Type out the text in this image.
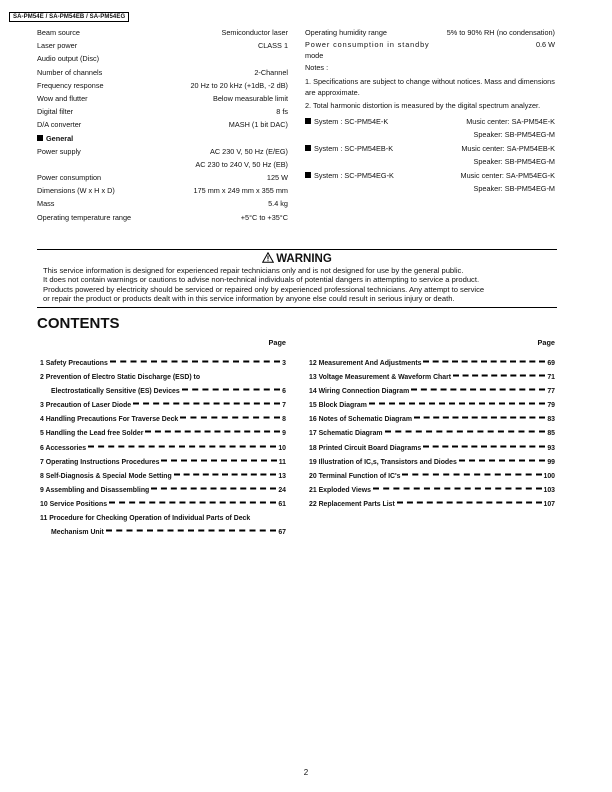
SA-PM54E / SA-PM54EB / SA-PM54EG
Beam source	Semiconductor laser
Laser power	CLASS 1
Audio output (Disc)
Number of channels	2-Channel
Frequency response	20 Hz to 20 kHz (+1dB, -2 dB)
Wow and flutter	Below measurable limit
Digital filter	8 fs
D/A converter	MASH (1 bit DAC)
General
Power supply	AC 230 V, 50 Hz (E/EG)
AC 230 to 240 V, 50 Hz (EB)
Power consumption	125 W
Dimensions (W x H x D)	175 mm x 249 mm x 355 mm
Mass	5.4 kg
Operating temperature range	+5°C to +35°C
Operating humidity range	5% to 90% RH (no condensation)
Power consumption in standby	0.6 W
mode
Notes :
1. Specifications are subject to change without notices. Mass and dimensions are approximate.
2. Total harmonic distortion is measured by the digital spectrum analyzer.
System : SC-PM54E-K	Music center: SA-PM54E-K
Speaker: SB-PM54EG-M
System : SC-PM54EB-K	Music center: SA-PM54EB-K
Speaker: SB-PM54EG-M
System : SC-PM54EG-K	Music center: SA-PM54EG-K
Speaker: SB-PM54EG-M
WARNING
This service information is designed for experienced repair technicians only and is not designed for use by the general public.
It does not contain warnings or cautions to advise non-technical individuals of potential dangers in attempting to service a product.
Products powered by electricity should be serviced or repaired only by experienced professional technicians. Any attempt to service
or repair the product or products dealt with in this service information by anyone else could result in serious injury or death.
CONTENTS
Page
1 Safety Precautions	3
2 Prevention of Electro Static Discharge (ESD) to
Electrostatically Sensitive (ES) Devices	6
3 Precaution of Laser Diode	7
4 Handling Precautions For Traverse Deck	8
5 Handling the Lead free Solder	9
6 Accessories	10
7 Operating Instructions Procedures	11
8 Self-Diagnosis & Special Mode Setting	13
9 Assembling and Disassembling	24
10 Service Positions	61
11 Procedure for Checking Operation of Individual Parts of Deck
Mechanism Unit	67
Page
12 Measurement And Adjustments	69
13 Voltage Measurement & Waveform Chart	71
14 Wiring Connection Diagram	77
15 Block Diagram	79
16 Notes of Schematic Diagram	83
17 Schematic Diagram	85
18 Printed Circuit Board Diagrams	93
19 Illustration of IC,s, Transistors and Diodes	99
20 Terminal Function of IC's	100
21 Exploded Views	103
22 Replacement Parts List	107
2
